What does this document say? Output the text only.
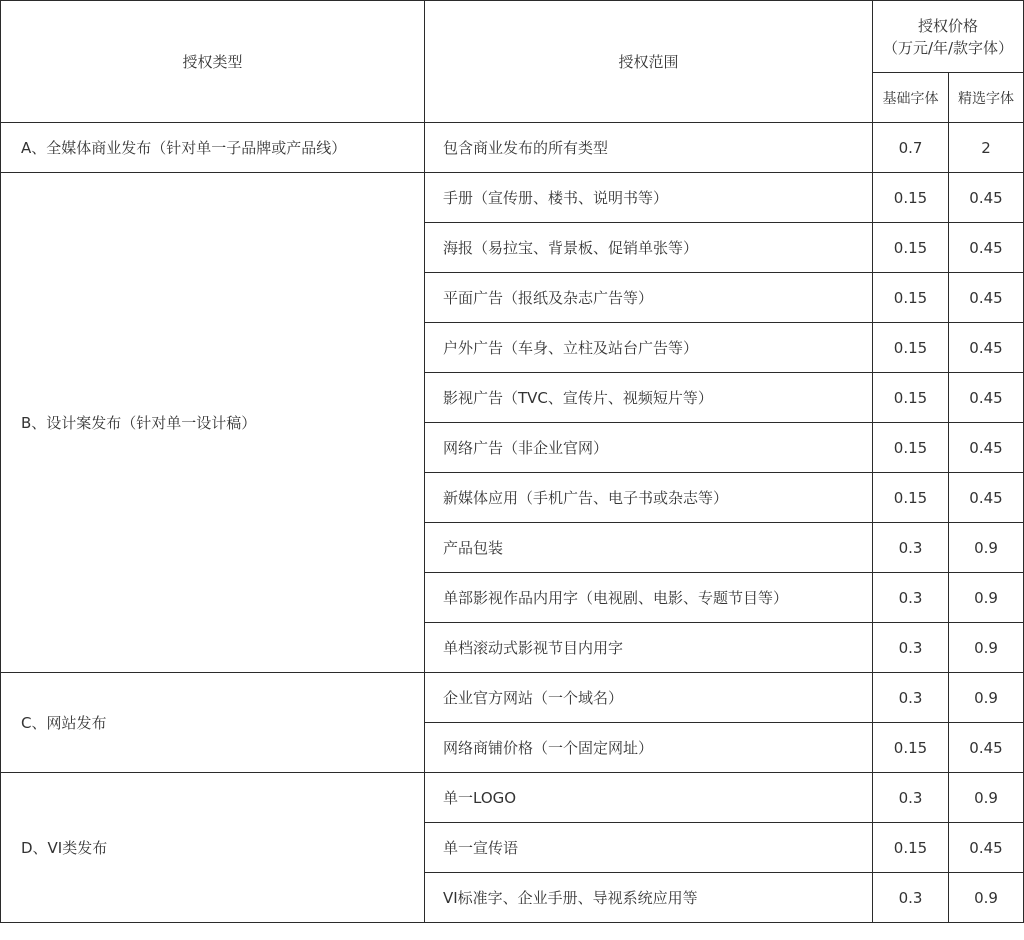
授权类型	授权范围	授权价格
（万元/年/款字体）	

		基础字体	精选字体
A、全媒体商业发布（针对单一子品牌或产品线）	包含商业发布的所有类型	0.7	2
B、设计案发布（针对单一设计稿）	手册（宣传册、楼书、说明书等）	0.15	0.45
	海报（易拉宝、背景板、促销单张等）	0.15	0.45
	平面广告（报纸及杂志广告等）	0.15	0.45
	户外广告（车身、立柱及站台广告等）	0.15	0.45
	影视广告（TVC、宣传片、视频短片等）	0.15	0.45
	网络广告（非企业官网）	0.15	0.45
	新媒体应用（手机广告、电子书或杂志等）	0.15	0.45
	产品包装	0.3	0.9
	单部影视作品内用字（电视剧、电影、专题节目等）	0.3	0.9
	单档滚动式影视节目内用字	0.3	0.9
C、网站发布	企业官方网站（一个域名）	0.3	0.9
	网络商铺价格（一个固定网址）	0.15	0.45
D、VI类发布	单一LOGO	0.3	0.9
	单一宣传语	0.15	0.45
	VI标准字、企业手册、导视系统应用等	0.3	0.9
